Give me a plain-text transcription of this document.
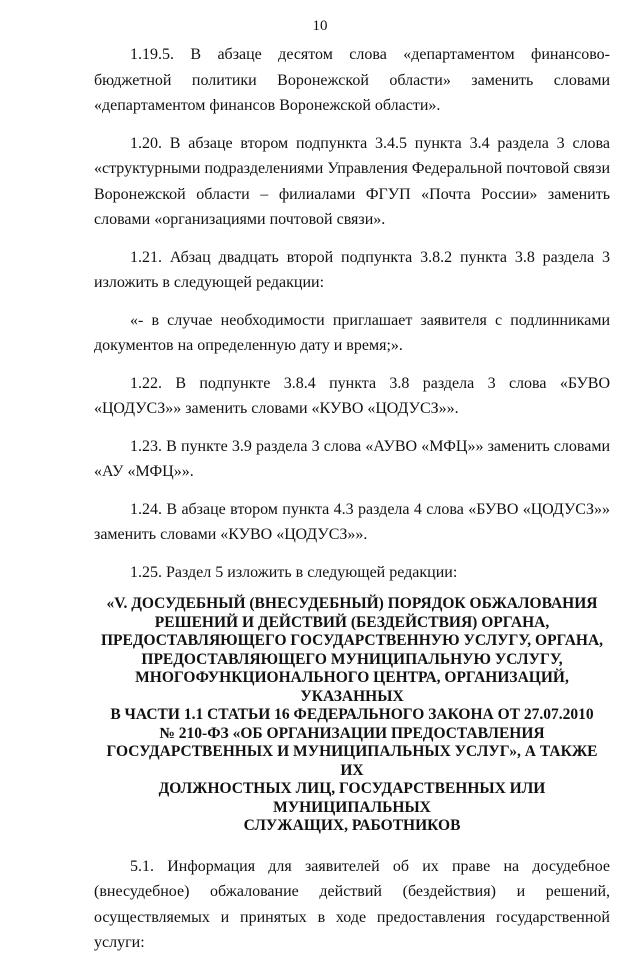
10

1.19.5. В абзаце десятом слова «департаментом финансово-бюджетной политики Воронежской области» заменить словами «департаментом финансов Воронежской области».

1.20. В абзаце втором подпункта 3.4.5 пункта 3.4 раздела 3 слова «структурными подразделениями Управления Федеральной почтовой связи Воронежской области – филиалами ФГУП «Почта России» заменить словами «организациями почтовой связи».

1.21. Абзац двадцать второй подпункта 3.8.2 пункта 3.8 раздела 3 изложить в следующей редакции:

«- в случае необходимости приглашает заявителя с подлинниками документов на определенную дату и время;».

1.22. В подпункте 3.8.4 пункта 3.8 раздела 3 слова «БУВО «ЦОДУСЗ»» заменить словами «КУВО «ЦОДУСЗ»».

1.23. В пункте 3.9 раздела 3 слова «АУВО «МФЦ»» заменить словами «АУ «МФЦ»».

1.24. В абзаце втором пункта 4.3 раздела 4 слова «БУВО «ЦОДУСЗ»» заменить словами «КУВО «ЦОДУСЗ»».

1.25. Раздел 5 изложить в следующей редакции:

«V. ДОСУДЕБНЫЙ (ВНЕСУДЕБНЫЙ) ПОРЯДОК ОБЖАЛОВАНИЯ
РЕШЕНИЙ И ДЕЙСТВИЙ (БЕЗДЕЙСТВИЯ) ОРГАНА,
ПРЕДОСТАВЛЯЮЩЕГО ГОСУДАРСТВЕННУЮ УСЛУГУ, ОРГАНА,
ПРЕДОСТАВЛЯЮЩЕГО МУНИЦИПАЛЬНУЮ УСЛУГУ,
МНОГОФУНКЦИОНАЛЬНОГО ЦЕНТРА, ОРГАНИЗАЦИЙ, УКАЗАННЫХ
В ЧАСТИ 1.1 СТАТЬИ 16 ФЕДЕРАЛЬНОГО ЗАКОНА ОТ 27.07.2010
№ 210-ФЗ «ОБ ОРГАНИЗАЦИИ ПРЕДОСТАВЛЕНИЯ
ГОСУДАРСТВЕННЫХ И МУНИЦИПАЛЬНЫХ УСЛУГ», А ТАКЖЕ ИХ
ДОЛЖНОСТНЫХ ЛИЦ, ГОСУДАРСТВЕННЫХ ИЛИ МУНИЦИПАЛЬНЫХ
СЛУЖАЩИХ, РАБОТНИКОВ

5.1. Информация для заявителей об их праве на досудебное (внесудебное) обжалование действий (бездействия) и решений, осуществляемых и принятых в ходе предоставления государственной услуги:
